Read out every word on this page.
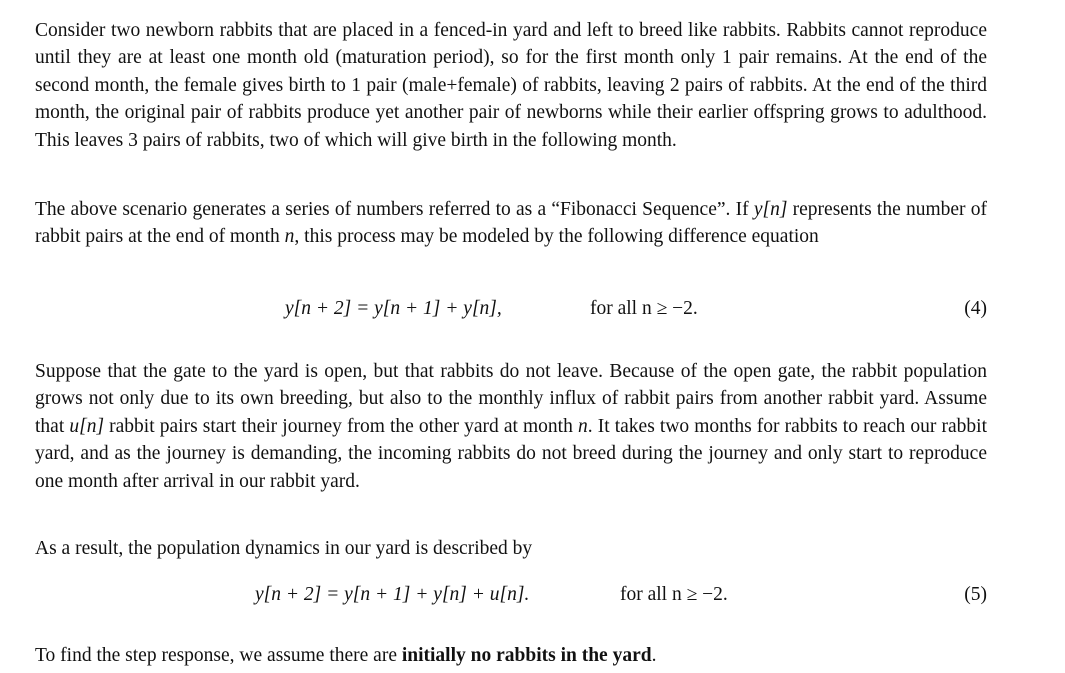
Consider two newborn rabbits that are placed in a fenced-in yard and left to breed like rabbits. Rabbits cannot reproduce until they are at least one month old (maturation period), so for the first month only 1 pair remains. At the end of the second month, the female gives birth to 1 pair (male+female) of rabbits, leaving 2 pairs of rabbits. At the end of the third month, the original pair of rabbits produce yet another pair of newborns while their earlier offspring grows to adulthood. This leaves 3 pairs of rabbits, two of which will give birth in the following month.
The above scenario generates a series of numbers referred to as a “Fibonacci Sequence”. If y[n] represents the number of rabbit pairs at the end of month n, this process may be modeled by the following difference equation
y[n + 2] = y[n + 1] + y[n],	for all n ≥ −2.	(4)
Suppose that the gate to the yard is open, but that rabbits do not leave. Because of the open gate, the rabbit population grows not only due to its own breeding, but also to the monthly influx of rabbit pairs from another rabbit yard. Assume that u[n] rabbit pairs start their journey from the other yard at month n. It takes two months for rabbits to reach our rabbit yard, and as the journey is demanding, the incoming rabbits do not breed during the journey and only start to reproduce one month after arrival in our rabbit yard.
As a result, the population dynamics in our yard is described by
y[n + 2] = y[n + 1] + y[n] + u[n].	for all n ≥ −2.	(5)
To find the step response, we assume there are initially no rabbits in the yard.
